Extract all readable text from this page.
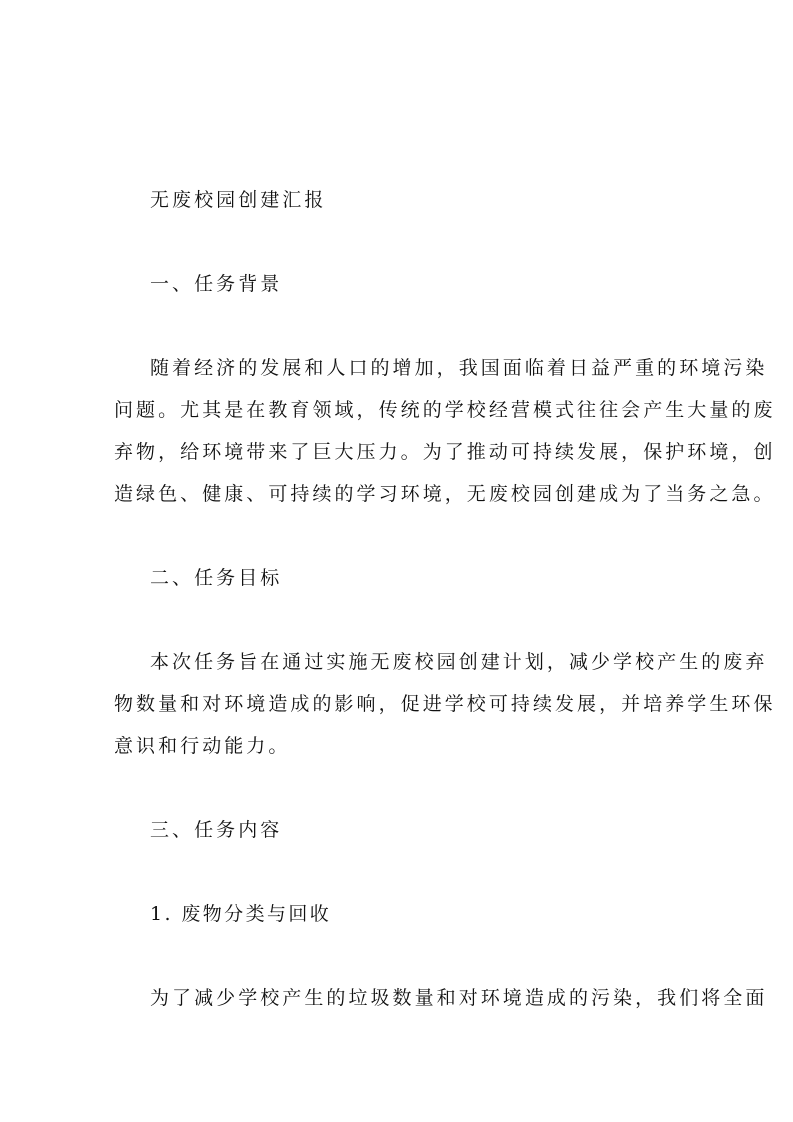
无废校园创建汇报
一、任务背景
随着经济的发展和人口的增加，我国面临着日益严重的环境污染
问题。尤其是在教育领域，传统的学校经营模式往往会产生大量的废
弃物，给环境带来了巨大压力。为了推动可持续发展，保护环境，创
造绿色、健康、可持续的学习环境，无废校园创建成为了当务之急。
二、任务目标
本次任务旨在通过实施无废校园创建计划，减少学校产生的废弃
物数量和对环境造成的影响，促进学校可持续发展，并培养学生环保
意识和行动能力。
三、任务内容
1. 废物分类与回收
为了减少学校产生的垃圾数量和对环境造成的污染，我们将全面
